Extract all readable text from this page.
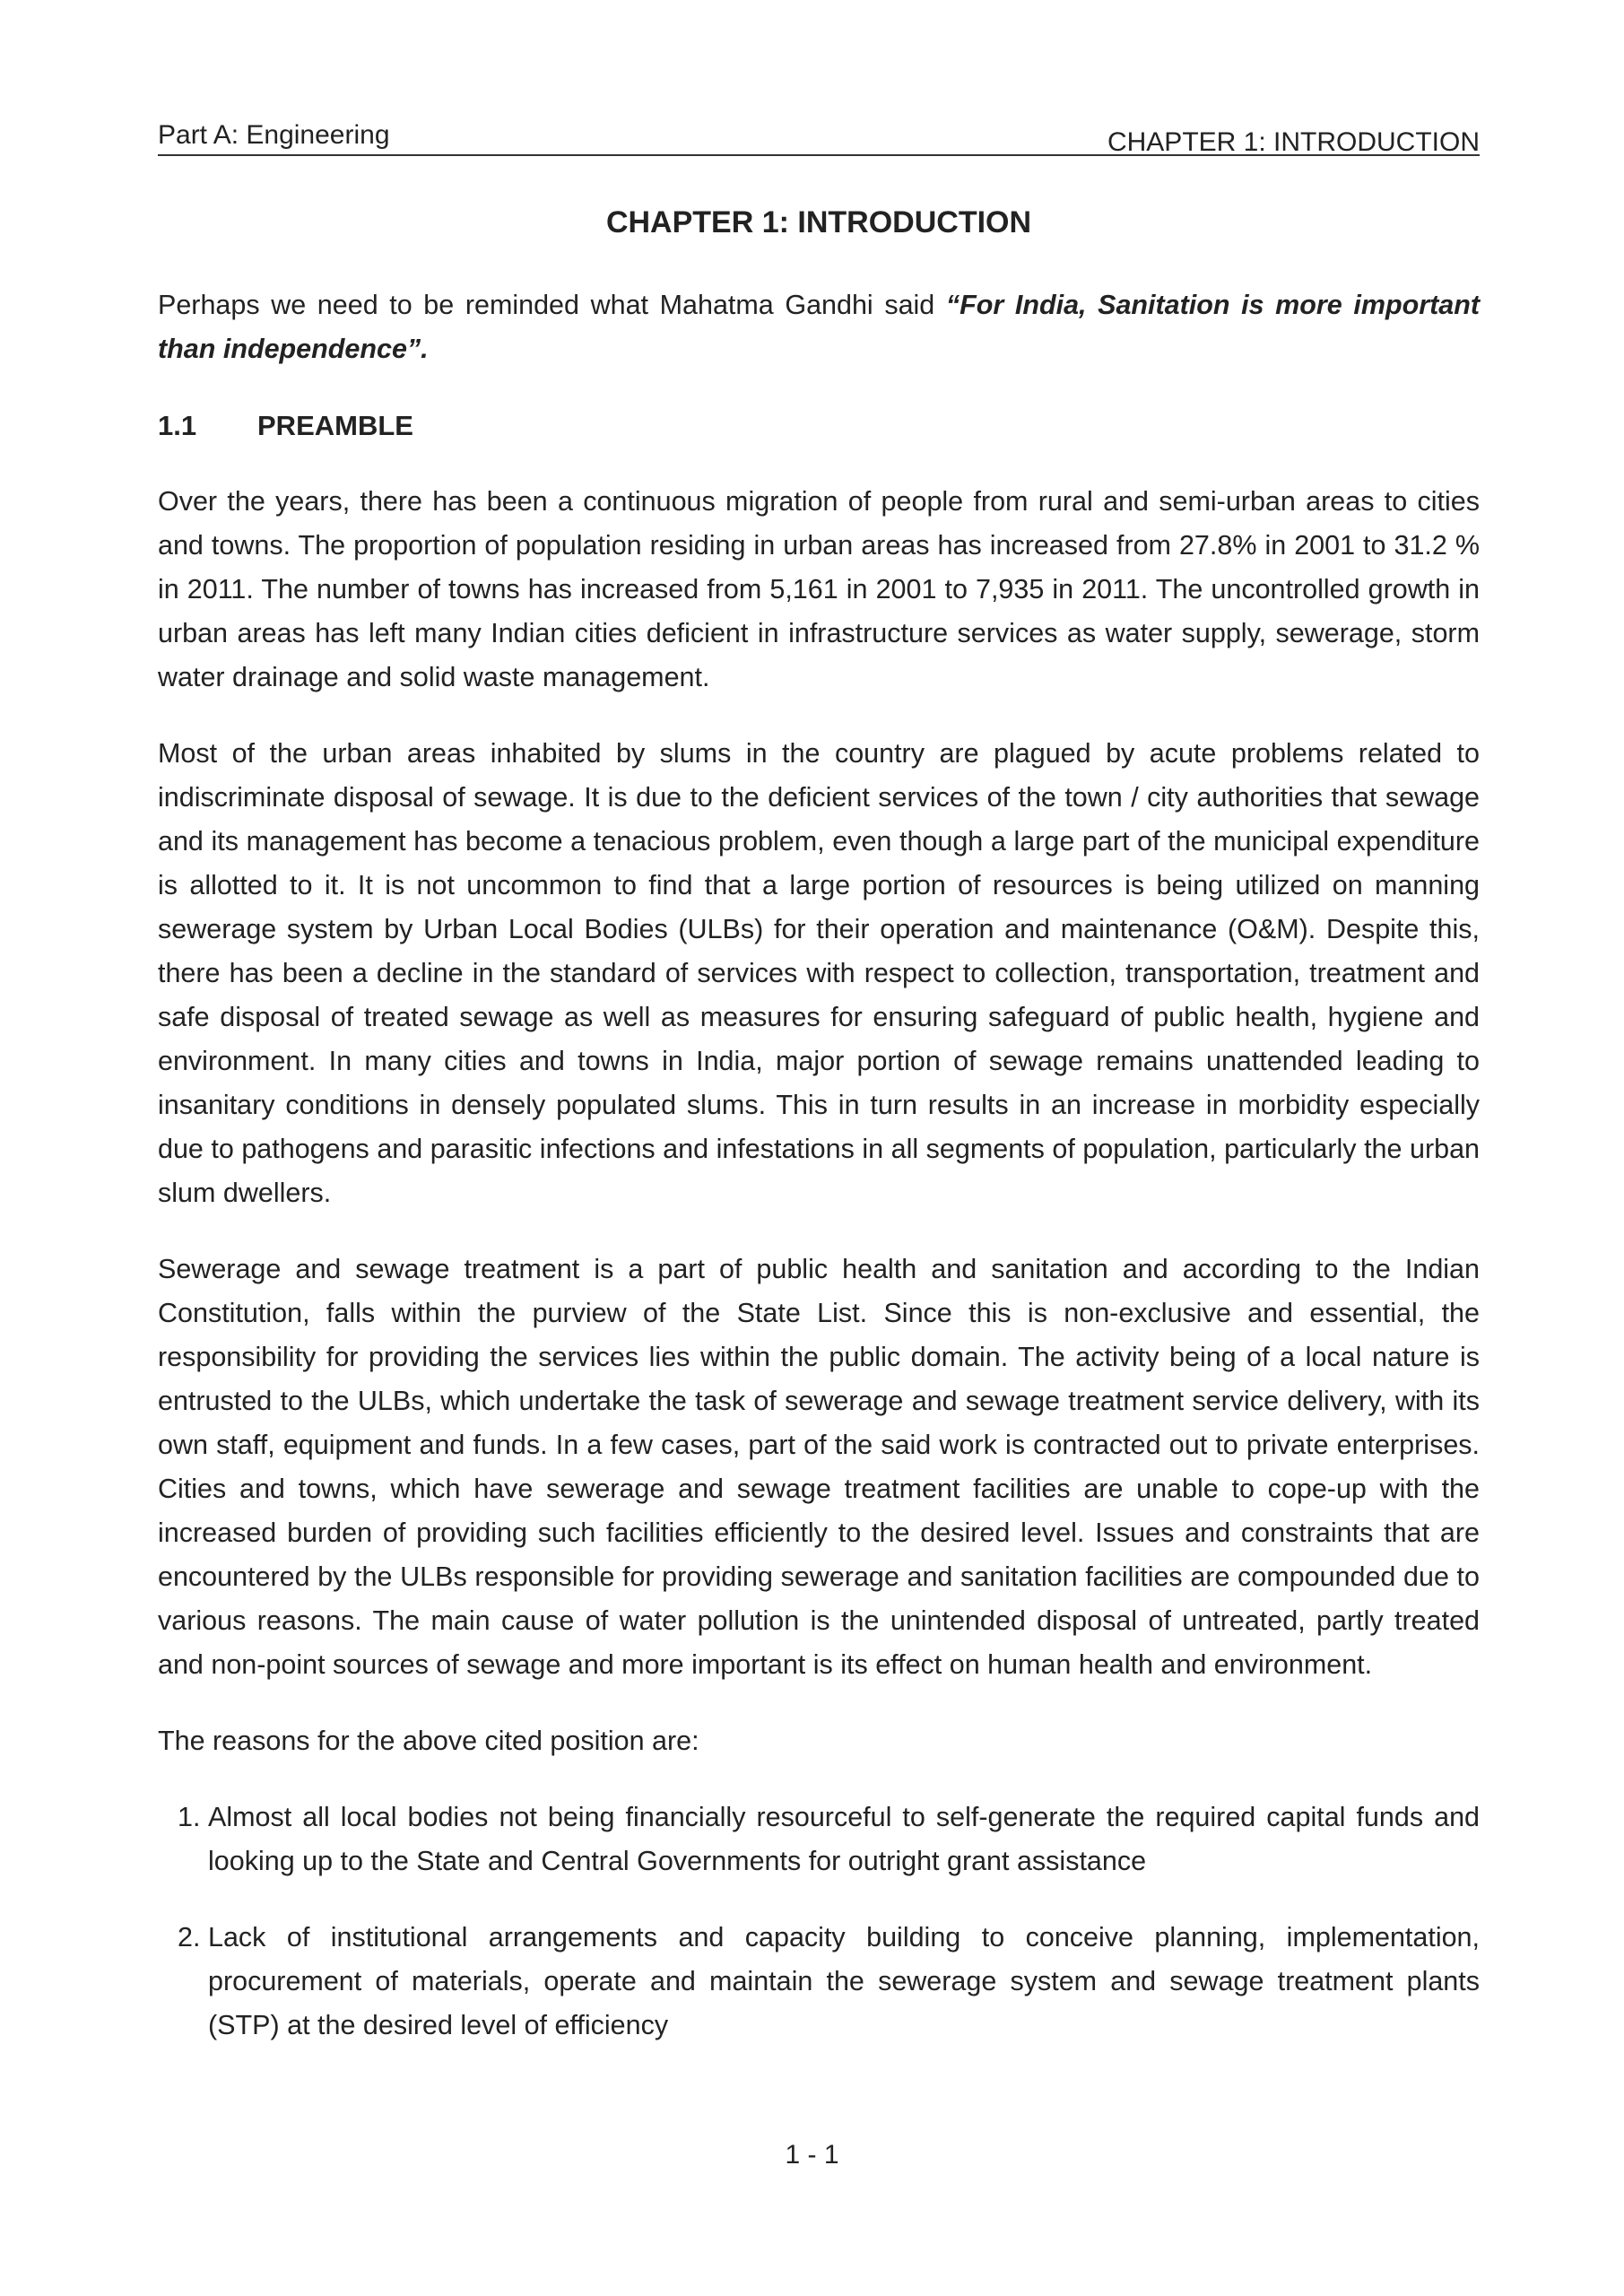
Part A: Engineering	CHAPTER 1: INTRODUCTION
CHAPTER 1: INTRODUCTION

Perhaps we need to be reminded what Mahatma Gandhi said “For India, Sanitation is more important than independence”.

1.1	PREAMBLE

Over the years, there has been a continuous migration of people from rural and semi-urban areas to cities and towns. The proportion of population residing in urban areas has increased from 27.8% in 2001 to 31.2 % in 2011. The number of towns has increased from 5,161 in 2001 to 7,935 in 2011. The uncontrolled growth in urban areas has left many Indian cities deficient in infrastructure services as water supply, sewerage, storm water drainage and solid waste management.

Most of the urban areas inhabited by slums in the country are plagued by acute problems related to indiscriminate disposal of sewage. It is due to the deficient services of the town / city authorities that sewage and its management has become a tenacious problem, even though a large part of the municipal expenditure is allotted to it. It is not uncommon to find that a large portion of resources is being utilized on manning sewerage system by Urban Local Bodies (ULBs) for their operation and maintenance (O&M). Despite this, there has been a decline in the standard of services with respect to collection, transportation, treatment and safe disposal of treated sewage as well as measures for ensuring safeguard of public health, hygiene and environment. In many cities and towns in India, major portion of sewage remains unattended leading to insanitary conditions in densely populated slums. This in turn results in an increase in morbidity especially due to pathogens and parasitic infections and infestations in all segments of population, particularly the urban slum dwellers.

Sewerage and sewage treatment is a part of public health and sanitation and according to the Indian Constitution, falls within the purview of the State List. Since this is non-exclusive and essential, the responsibility for providing the services lies within the public domain. The activity being of a local nature is entrusted to the ULBs, which undertake the task of sewerage and sewage treatment service delivery, with its own staff, equipment and funds. In a few cases, part of the said work is contracted out to private enterprises. Cities and towns, which have sewerage and sewage treatment facilities are unable to cope-up with the increased burden of providing such facilities efficiently to the desired level. Issues and constraints that are encountered by the ULBs responsible for providing sewerage and sanitation facilities are compounded due to various reasons. The main cause of water pollution is the unintended disposal of untreated, partly treated and non-point sources of sewage and more important is its effect on human health and environment.

The reasons for the above cited position are:

1. Almost all local bodies not being financially resourceful to self-generate the required capital funds and looking up to the State and Central Governments for outright grant assistance
2. Lack of institutional arrangements and capacity building to conceive planning, implementation, procurement of materials, operate and maintain the sewerage system and sewage treatment plants (STP) at the desired level of efficiency
1 - 1
